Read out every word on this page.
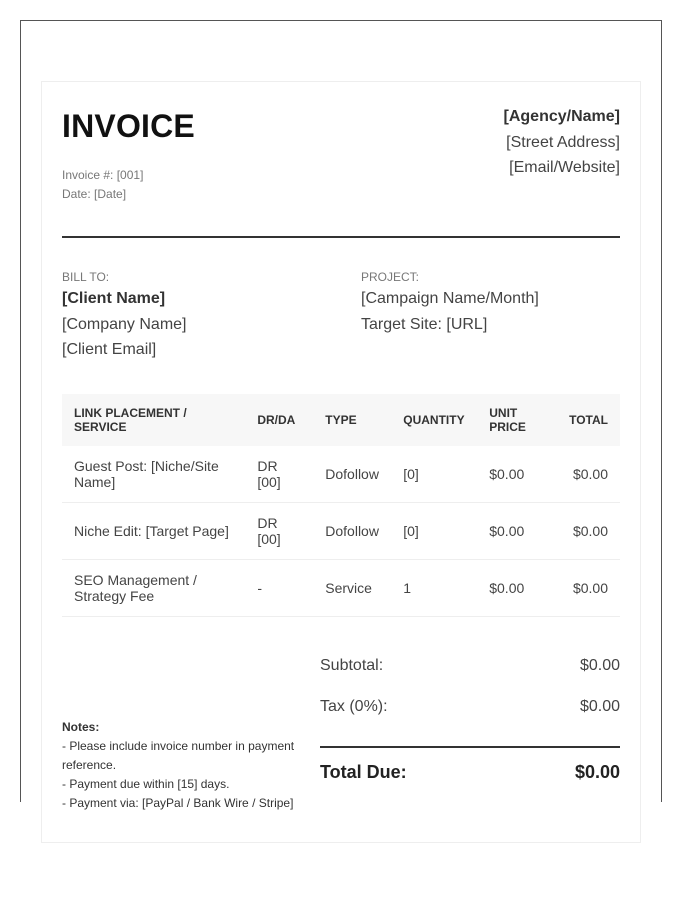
INVOICE
Invoice #: [001]
Date: [Date]
[Agency/Name]
[Street Address]
[Email/Website]
BILL TO:
[Client Name]
[Company Name]
[Client Email]
PROJECT:
[Campaign Name/Month]
Target Site: [URL]
LINK PLACEMENT / SERVICE	DR/DA	TYPE	QUANTITY	UNIT PRICE	TOTAL
Guest Post: [Niche/Site Name]	DR [00]	Dofollow	[0]	$0.00	$0.00
Niche Edit: [Target Page]	DR [00]	Dofollow	[0]	$0.00	$0.00
SEO Management / Strategy Fee	-	Service	1	$0.00	$0.00
Subtotal:	$0.00
Tax (0%):	$0.00
Total Due:	$0.00
Notes:
- Please include invoice number in payment reference.
- Payment due within [15] days.
- Payment via: [PayPal / Bank Wire / Stripe]
